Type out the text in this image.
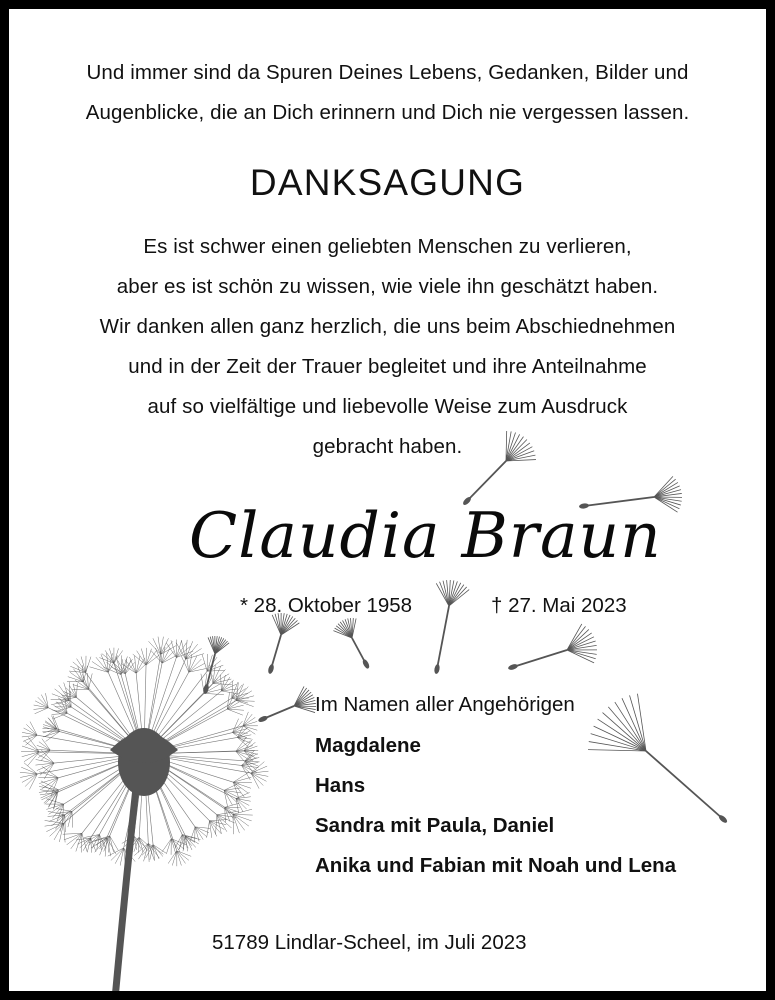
Und immer sind da Spuren Deines Lebens, Gedanken, Bilder und
Augenblicke, die an Dich erinnern und Dich nie vergessen lassen.
DANKSAGUNG
Es ist schwer einen geliebten Menschen zu verlieren,
aber es ist schön zu wissen, wie viele ihn geschätzt haben.
Wir danken allen ganz herzlich, die uns beim Abschiednehmen
und in der Zeit der Trauer begleitet und ihre Anteilnahme
auf so vielfältige und liebevolle Weise zum Ausdruck
gebracht haben.
Claudia Braun
* 28. Oktober 1958	† 27. Mai 2023
Im Namen aller Angehörigen
Magdalene
Hans
Sandra mit Paula, Daniel
Anika und Fabian mit Noah und Lena
51789 Lindlar-Scheel, im Juli 2023
